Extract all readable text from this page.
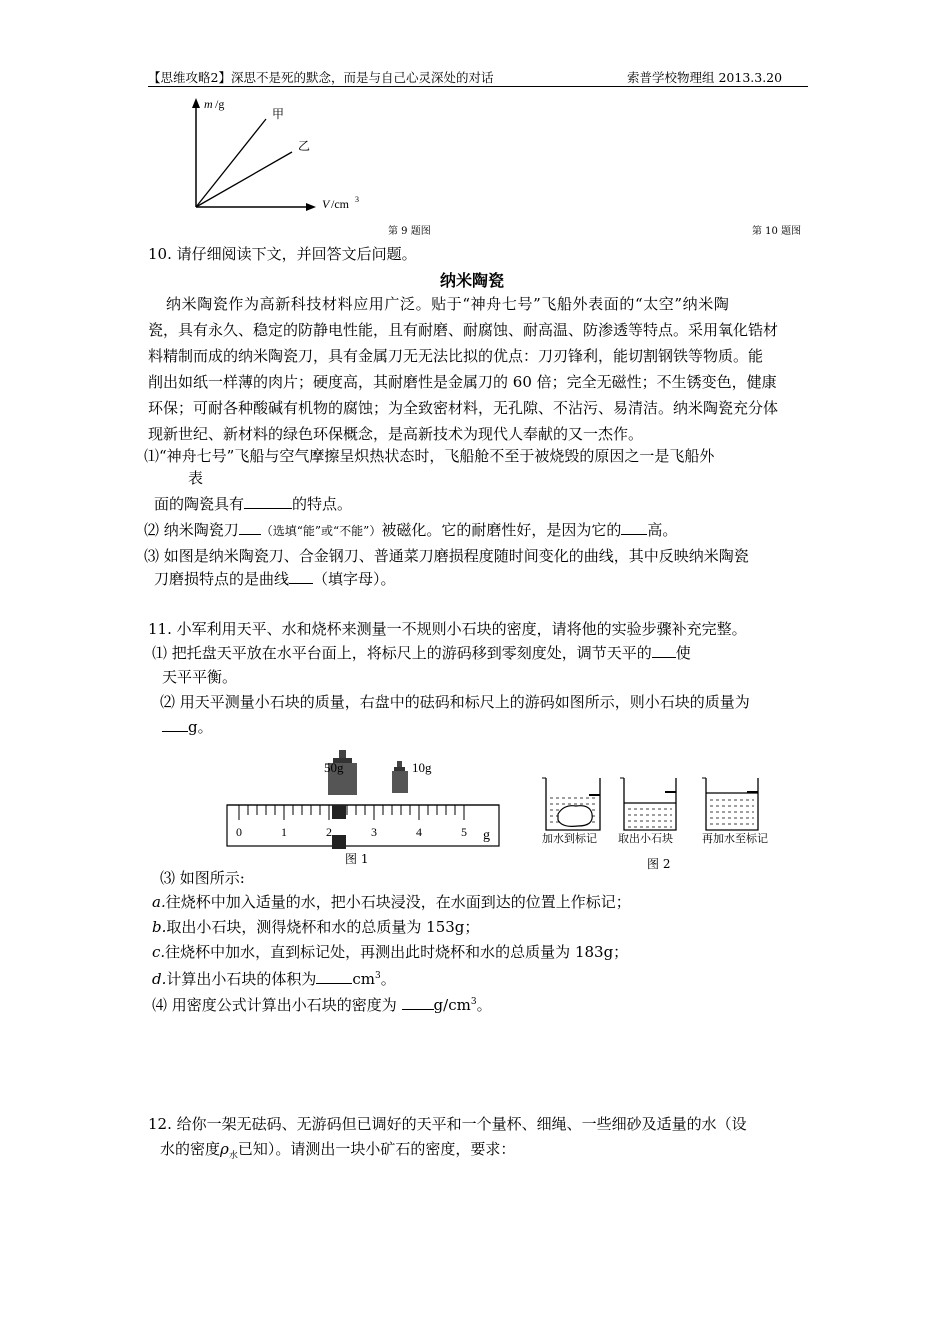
【思维攻略2】深思不是死的默念，而是与自己心灵深处的对话	索普学校物理组 2013.3.20
m /g
甲
乙
V /cm 3
第 9 题图	第 10 题图
10. 请仔细阅读下文，并回答文后问题。
纳米陶瓷
纳米陶瓷作为高新科技材料应用广泛。贴于“神舟七号”飞船外表面的“太空”纳米陶
瓷，具有永久、稳定的防静电性能，且有耐磨、耐腐蚀、耐高温、防渗透等特点。采用氧化锆材
料精制而成的纳米陶瓷刀，具有金属刀无无法比拟的优点：刀刃锋利，能切割钢铁等物质。能
削出如纸一样薄的肉片；硬度高，其耐磨性是金属刀的 60 倍；完全无磁性；不生锈变色，健康
环保；可耐各种酸碱有机物的腐蚀；为全致密材料，无孔隙、不沾污、易清洁。纳米陶瓷充分体
现新世纪、新材料的绿色环保概念，是高新技术为现代人奉献的又一杰作。
⑴“神舟七号”飞船与空气摩擦呈炽热状态时，飞船舱不至于被烧毁的原因之一是飞船外
表
面的陶瓷具有	的特点。
⑵ 纳米陶瓷刀 （选填“能”或“不能”）被磁化。它的耐磨性好，是因为它的 高。
⑶ 如图是纳米陶瓷刀、合金钢刀、普通菜刀磨损程度随时间变化的曲线，其中反映纳米陶瓷
刀磨损特点的是曲线 （填字母）。
11. 小军利用天平、水和烧杯来测量一不规则小石块的密度，请将他的实验步骤补充完整。
⑴ 把托盘天平放在水平台面上，将标尺上的游码移到零刻度处，调节天平的 使
天平平衡。
⑵ 用天平测量小石块的质量，右盘中的砝码和标尺上的游码如图所示，则小石块的质量为
g。
50g	10g
0	1	2	3	4	5 g
图 1
加水到标记 取出小石块	再加水至标记
图 2
⑶ 如图所示:
a.往烧杯中加入适量的水，把小石块浸没，在水面到达的位置上作标记；
b.取出小石块，测得烧杯和水的总质量为 153g；
c.往烧杯中加水，直到标记处，再测出此时烧杯和水的总质量为 183g；
d.计算出小石块的体积为 $cm^3$。
⑷ 用密度公式计算出小石块的密度为 $g/cm^3$。
12. 给你一架无砝码、无游码但已调好的天平和一个量杯、细绳、一些细砂及适量的水（设
水的密度$\rho_水$已知）。请测出一块小矿石的密度，要求：
